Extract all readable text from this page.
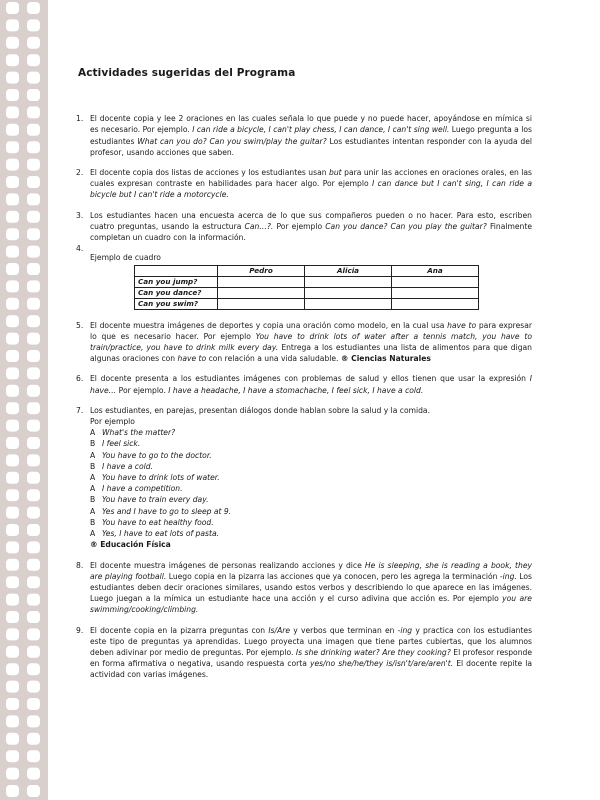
Actividades sugeridas del Programa
1. El docente copia y lee 2 oraciones en las cuales señala lo que puede y no puede hacer, apoyándose en mímica si es necesario. Por ejemplo. I can ride a bicycle, I can't play chess, I can dance, I can't sing well. Luego pregunta a los estudiantes What can you do? Can you swim/play the guitar? Los estudiantes intentan responder con la ayuda del profesor, usando acciones que saben.

2. El docente copia dos listas de acciones y los estudiantes usan but para unir las acciones en oraciones orales, en las cuales expresan contraste en habilidades para hacer algo. Por ejemplo I can dance but I can't sing, I can ride a bicycle but I can't ride a motorcycle.

3. Los estudiantes hacen una encuesta acerca de lo que sus compañeros pueden o no hacer. Para esto, escriben cuatro preguntas, usando la estructura Can…?. Por ejemplo Can you dance? Can you play the guitar? Finalmente completan un cuadro con la información.

4.
Ejemplo de cuadro
	Pedro	Alicia	Ana
Can you jump?			
Can you dance?			
Can you swim?			
5. El docente muestra imágenes de deportes y copia una oración como modelo, en la cual usa have to para expresar lo que es necesario hacer. Por ejemplo You have to drink lots of water after a tennis match, you have to train/practice, you have to drink milk every day. Entrega a los estudiantes una lista de alimentos para que digan algunas oraciones con have to con relación a una vida saludable. ® Ciencias Naturales

6. El docente presenta a los estudiantes imágenes con problemas de salud y ellos tienen que usar la expresión I have… Por ejemplo. I have a headache, I have a stomachache, I feel sick, I have a cold.

7. Los estudiantes, en parejas, presentan diálogos donde hablan sobre la salud y la comida.

Por ejemplo

A What's the matter?
B I feel sick.
A You have to go to the doctor.
B I have a cold.
A You have to drink lots of water.
A I have a competition.
B You have to train every day.
A Yes and I have to go to sleep at 9.
B You have to eat healthy food.
A Yes, I have to eat lots of pasta.

® Educación Física

8. El docente muestra imágenes de personas realizando acciones y dice He is sleeping, she is reading a book, they are playing football. Luego copia en la pizarra las acciones que ya conocen, pero les agrega la terminación -ing. Los estudiantes deben decir oraciones similares, usando estos verbos y describiendo lo que aparece en las imágenes. Luego juegan a la mímica un estudiante hace una acción y el curso adivina que acción es. Por ejemplo you are swimming/cooking/climbing.

9. El docente copia en la pizarra preguntas con Is/Are y verbos que terminan en -ing y practica con los estudiantes este tipo de preguntas ya aprendidas. Luego proyecta una imagen que tiene partes cubiertas, que los alumnos deben adivinar por medio de preguntas. Por ejemplo. Is she drinking water? Are they cooking? El profesor responde en forma afirmativa o negativa, usando respuesta corta yes/no she/he/they is/isn't/are/aren't. El docente repite la actividad con varias imágenes.
